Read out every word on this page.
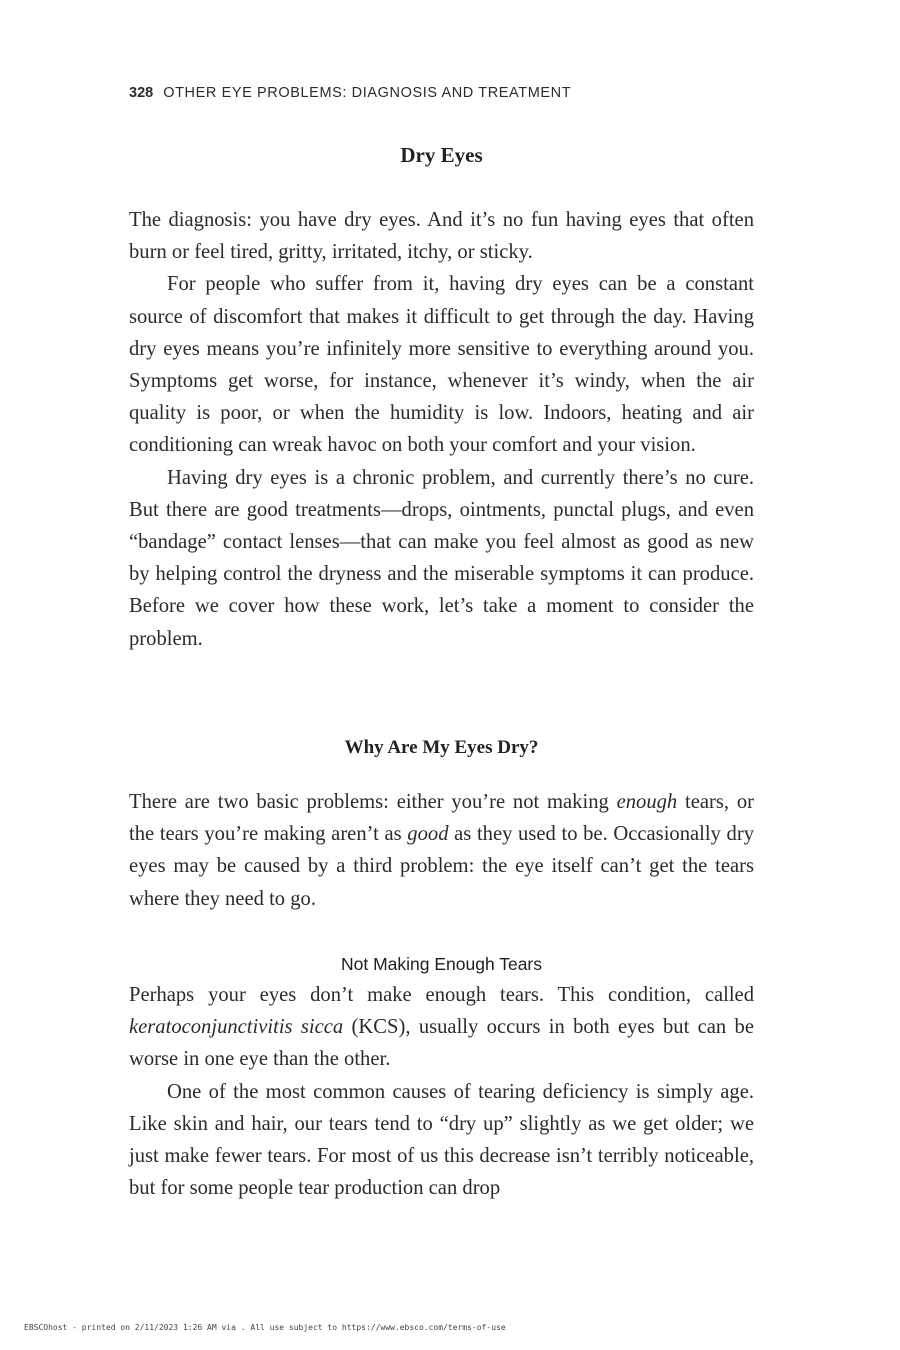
328 OTHER EYE PROBLEMS: DIAGNOSIS AND TREATMENT
Dry Eyes

The diagnosis: you have dry eyes. And it’s no fun having eyes that often burn or feel tired, gritty, irritated, itchy, or sticky.

For people who suffer from it, having dry eyes can be a constant source of discomfort that makes it difficult to get through the day. Having dry eyes means you’re infinitely more sensitive to everything around you. Symptoms get worse, for instance, whenever it’s windy, when the air quality is poor, or when the humidity is low. Indoors, heating and air conditioning can wreak havoc on both your comfort and your vision.

Having dry eyes is a chronic problem, and currently there’s no cure. But there are good treatments—drops, ointments, punctal plugs, and even “bandage” contact lenses—that can make you feel almost as good as new by helping control the dryness and the miserable symptoms it can produce. Before we cover how these work, let’s take a moment to consider the problem.

Why Are My Eyes Dry?

There are two basic problems: either you’re not making enough tears, or the tears you’re making aren’t as good as they used to be. Occasionally dry eyes may be caused by a third problem: the eye itself can’t get the tears where they need to go.

Not Making Enough Tears

Perhaps your eyes don’t make enough tears. This condition, called keratoconjunctivitis sicca (KCS), usually occurs in both eyes but can be worse in one eye than the other.

One of the most common causes of tearing deficiency is simply age. Like skin and hair, our tears tend to “dry up” slightly as we get older; we just make fewer tears. For most of us this decrease isn’t terribly noticeable, but for some people tear production can drop

EBSCOhost - printed on 2/11/2023 1:26 AM via . All use subject to https://www.ebsco.com/terms-of-use
